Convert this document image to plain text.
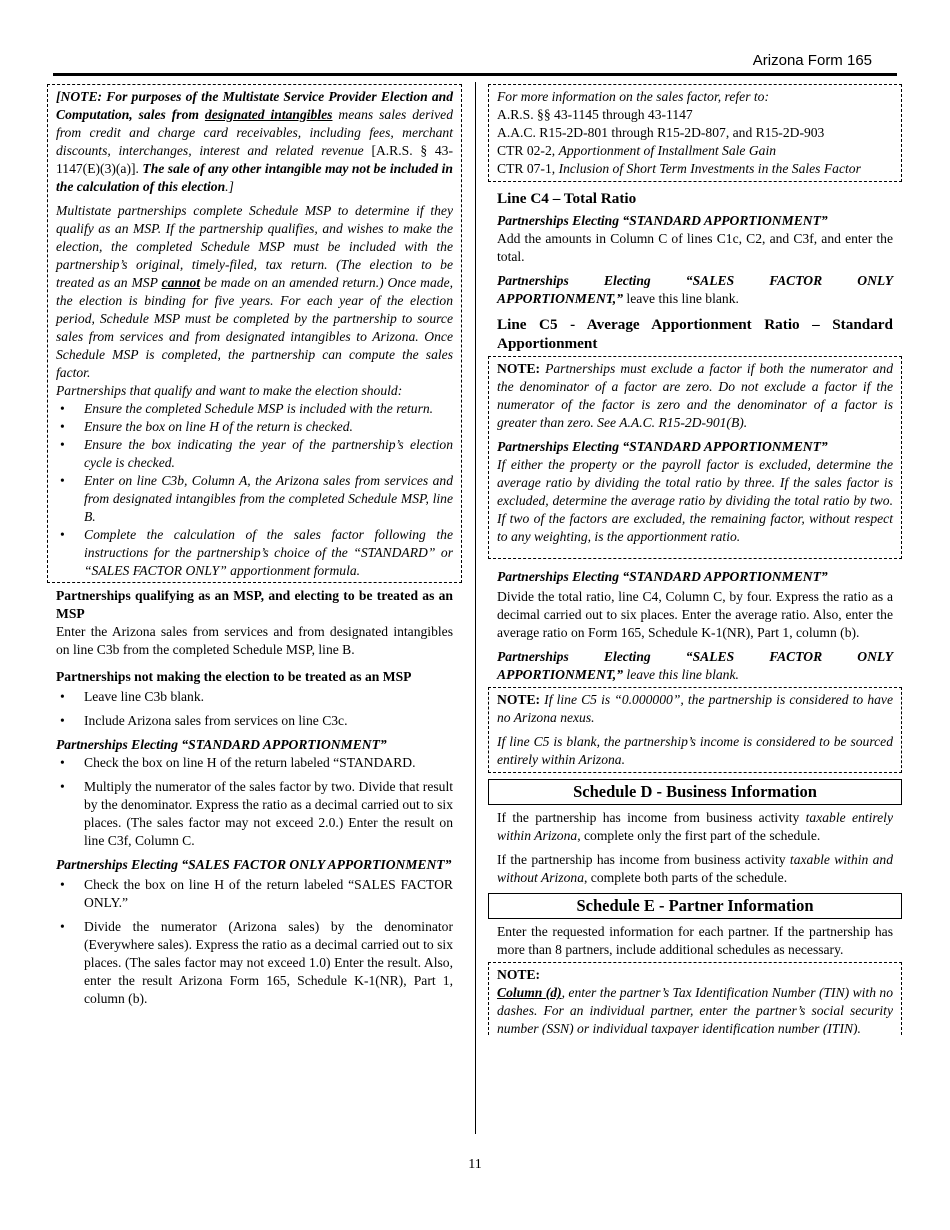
Arizona Form 165

[NOTE: For purposes of the Multistate Service Provider Election and Computation, sales from designated intangibles means sales derived from credit and charge card receivables, including fees, merchant discounts, interchanges, interest and related revenue [A.R.S. § 43-1147(E)(3)(a)]. The sale of any other intangible may not be included in the calculation of this election.]

Multistate partnerships complete Schedule MSP to determine if they qualify as an MSP. If the partnership qualifies, and wishes to make the election, the completed Schedule MSP must be included with the partnership’s original, timely-filed, tax return. (The election to be treated as an MSP cannot be made on an amended return.) Once made, the election is binding for five years. For each year of the election period, Schedule MSP must be completed by the partnership to source sales from services and from designated intangibles to Arizona. Once Schedule MSP is completed, the partnership can compute the sales factor.

Partnerships that qualify and want to make the election should:

• Ensure the completed Schedule MSP is included with the return.
• Ensure the box on line H of the return is checked.
• Ensure the box indicating the year of the partnership’s election cycle is checked.
• Enter on line C3b, Column A, the Arizona sales from services and from designated intangibles from the completed Schedule MSP, line B.
• Complete the calculation of the sales factor following the instructions for the partnership’s choice of the “STANDARD” or “SALES FACTOR ONLY” apportionment formula.

Partnerships qualifying as an MSP, and electing to be treated as an MSP

Enter the Arizona sales from services and from designated intangibles on line C3b from the completed Schedule MSP, line B.

Partnerships not making the election to be treated as an MSP

• Leave line C3b blank.
• Include Arizona sales from services on line C3c.

Partnerships Electing “STANDARD APPORTIONMENT”

• Check the box on line H of the return labeled “STANDARD.
• Multiply the numerator of the sales factor by two. Divide that result by the denominator. Express the ratio as a decimal carried out to six places. (The sales factor may not exceed 2.0.) Enter the result on line C3f, Column C.

Partnerships Electing “SALES FACTOR ONLY APPORTIONMENT”

• Check the box on line H of the return labeled “SALES FACTOR ONLY.”
• Divide the numerator (Arizona sales) by the denominator (Everywhere sales). Express the ratio as a decimal carried out to six places. (The sales factor may not exceed 1.0) Enter the result. Also, enter the result Arizona Form 165, Schedule K-1(NR), Part 1, column (b).

For more information on the sales factor, refer to:

A.R.S. §§ 43-1145 through 43-1147

A.A.C. R15-2D-801 through R15-2D-807, and R15-2D-903

CTR 02-2, Apportionment of Installment Sale Gain

CTR 07-1, Inclusion of Short Term Investments in the Sales Factor

Line C4 – Total Ratio

Partnerships Electing “STANDARD APPORTIONMENT”

Add the amounts in Column C of lines C1c, C2, and C3f, and enter the total.

Partnerships Electing “SALES FACTOR ONLY APPORTIONMENT,” leave this line blank.

Line C5 - Average Apportionment Ratio – Standard Apportionment

NOTE: Partnerships must exclude a factor if both the numerator and the denominator of a factor are zero. Do not exclude a factor if the numerator of the factor is zero and the denominator of a factor is greater than zero. See A.A.C. R15-2D-901(B).

Partnerships Electing “STANDARD APPORTIONMENT”

If either the property or the payroll factor is excluded, determine the average ratio by dividing the total ratio by three. If the sales factor is excluded, determine the average ratio by dividing the total ratio by two. If two of the factors are excluded, the remaining factor, without respect to any weighting, is the apportionment ratio.

Partnerships Electing “STANDARD APPORTIONMENT”

Divide the total ratio, line C4, Column C, by four. Express the ratio as a decimal carried out to six places. Enter the average ratio. Also, enter the average ratio on Form 165, Schedule K-1(NR), Part 1, column (b).

Partnerships Electing “SALES FACTOR ONLY APPORTIONMENT,” leave this line blank.

NOTE: If line C5 is “0.000000”, the partnership is considered to have no Arizona nexus.

If line C5 is blank, the partnership’s income is considered to be sourced entirely within Arizona.

Schedule D - Business Information

If the partnership has income from business activity taxable entirely within Arizona, complete only the first part of the schedule.

If the partnership has income from business activity taxable within and without Arizona, complete both parts of the schedule.

Schedule E - Partner Information

Enter the requested information for each partner. If the partnership has more than 8 partners, include additional schedules as necessary.

NOTE:

Column (d), enter the partner’s Tax Identification Number (TIN) with no dashes. For an individual partner, enter the partner’s social security number (SSN) or individual taxpayer identification number (ITIN).

11
